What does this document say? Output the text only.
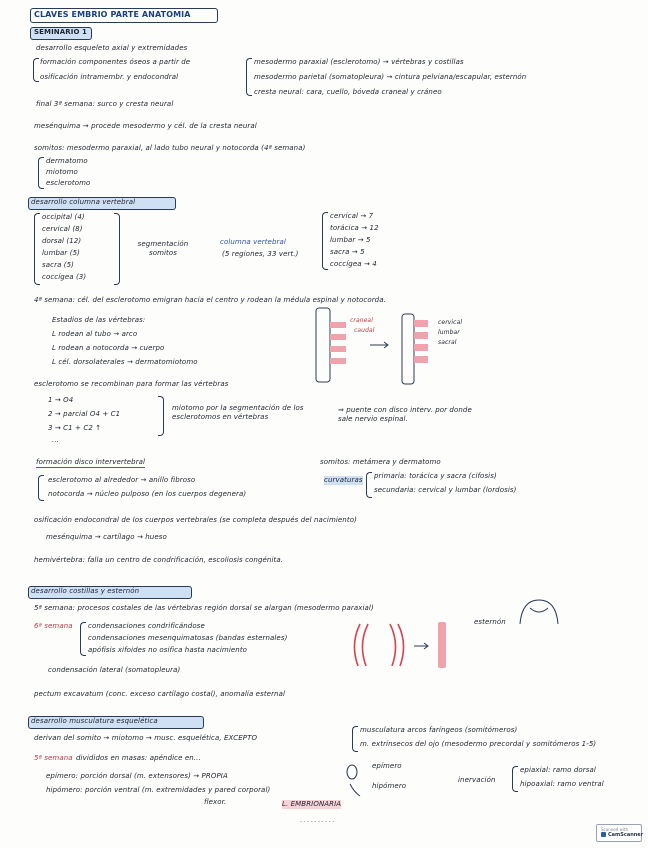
CLAVES EMBRIO PARTE ANATOMIA
SEMINARIO 1
desarrollo esqueleto axial y extremidades
formación componentes óseos a partir de
osificación intramembr. y endocondral
mesodermo paraxial (esclerotomo) → vértebras y costillas
mesodermo parietal (somatopleura) → cintura pelviana/escapular, esternón
cresta neural: cara, cuello, bóveda craneal y cráneo
final 3ª semana: surco y cresta neural
mesénquima → procede mesodermo y cél. de la cresta neural
somitos: mesodermo paraxial, al lado tubo neural y notocorda (4ª semana)
dermatomo
miotomo
esclerotomo
desarrollo columna vertebral
occipital (4)
cervical (8)
dorsal (12)
lumbar (5)
sacra (5)
coccígea (3)
segmentación somitos
columna vertebral
(5 regiones, 33 vert.)
cervical → 7
torácica → 12
lumbar → 5
sacra → 5
coccígea → 4
4ª semana: cél. del esclerotomo emigran hacia el centro y rodean la médula espinal y notocorda.
Estadios de las vértebras:
L rodean al tubo → arco
L rodean a notocorda → cuerpo
L cél. dorsolaterales → dermatomiotomo
craneal
caudal
cervical
lumbar
sacral
esclerotomo se recombinan para formar las vértebras
1 → O4
2 → parcial O4 + C1
3 → C1 + C2 ↑
...
miotomo por la segmentación de los esclerotomos en vértebras
⇒ puente con disco interv. por donde sale nervio espinal.
formación disco intervertebral
esclerotomo al alrededor → anillo fibroso
notocorda → núcleo pulposo (en los cuerpos degenera)
somitos: metámera y dermatomo
curvaturas primaria: torácica y sacra (cifosis)
secundaria: cervical y lumbar (lordosis)
osificación endocondral de los cuerpos vertebrales (se completa después del nacimiento)
mesénquima → cartílago → hueso
hemivértebra: falla un centro de condrificación, escoliosis congénita.
desarrollo costillas y esternón
5ª semana: procesos costales de las vértebras región dorsal se alargan (mesodermo paraxial)
6ª semana condensaciones condrificándose
condensaciones mesenquimatosas (bandas esternales)
apófisis xifoides no osifica hasta nacimiento
condensación lateral (somatopleura)
pectum excavatum (conc. exceso cartílago costal), anomalía esternal
esternón
desarrollo musculatura esquelética
derivan del somito → miotomo → musc. esquelética, EXCEPTO
musculatura arcos faríngeos (somitómeros)
m. extrínsecos del ojo (mesodermo precordal y somitómeros 1-5)
5ª semana divididos en masas: apéndice en...
epímero: porción dorsal (m. extensores) → PROPIA
hipómero: porción ventral (m. extremidades y pared corporal)
flexor.
epímero
hipómero
inervación
epiaxial: ramo dorsal
hipoaxial: ramo ventral
L. EMBRIONARIA
- - - - - - - - - -
Scanned with
CamScanner
